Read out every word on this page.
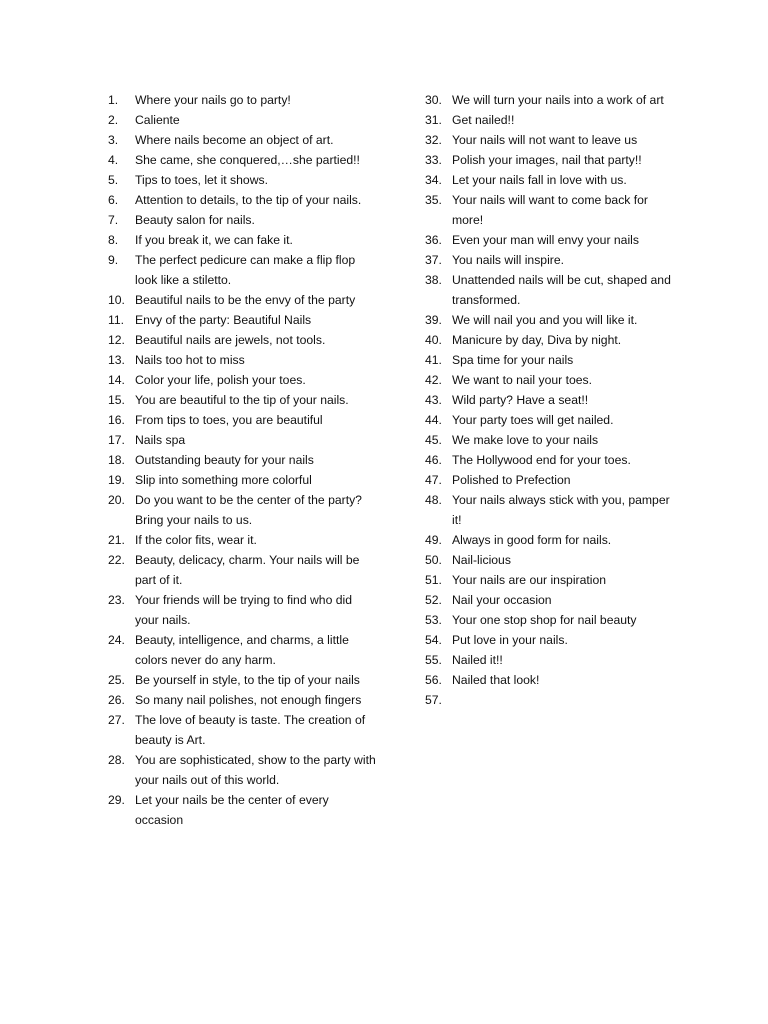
1.	Where your nails go to party!
2.	Caliente
3.	Where nails become an object of art.
4.	She came, she conquered,…she partied!!
5.	Tips to toes, let it shows.
6.	Attention to details, to the tip of your nails.
7.	Beauty salon for nails.
8.	If you break it, we can fake it.
9.	The perfect pedicure can make a flip flop look like a stiletto.
10. Beautiful nails to be the envy of the party
11. Envy of the party: Beautiful Nails
12. Beautiful nails are jewels, not tools.
13. Nails too hot to miss
14. Color your life, polish your toes.
15. You are beautiful to the tip of your nails.
16. From tips to toes, you are beautiful
17. Nails spa
18. Outstanding beauty for your nails
19. Slip into something more colorful
20. Do you want to be the center of the party? Bring your nails to us.
21. If the color fits, wear it.
22. Beauty, delicacy, charm. Your nails will be part of it.
23. Your friends will be trying to find who did your nails.
24. Beauty, intelligence, and charms, a little colors never do any harm.
25. Be yourself in style, to the tip of your nails
26. So many nail polishes, not enough fingers
27. The love of beauty is taste. The creation of beauty is Art.
28. You are sophisticated, show to the party with your nails out of this world.
29. Let your nails be the center of every occasion
30. We will turn your nails into a work of art
31. Get nailed!!
32. Your nails will not want to leave us
33. Polish your images, nail that party!!
34. Let your nails fall in love with us.
35. Your nails will want to come back for more!
36. Even your man will envy your nails
37. You nails will inspire.
38. Unattended nails will be cut, shaped and transformed.
39. We will nail you and you will like it.
40. Manicure by day, Diva by night.
41. Spa time for your nails
42. We want to nail your toes.
43. Wild party? Have a seat!!
44. Your party toes will get nailed.
45. We make love to your nails
46. The Hollywood end for your toes.
47. Polished to Prefection
48. Your nails always stick with you, pamper it!
49. Always in good form for nails.
50. Nail-licious
51. Your nails are our inspiration
52. Nail your occasion
53. Your one stop shop for nail beauty
54. Put love in your nails.
55. Nailed it!!
56. Nailed that look!
57.
